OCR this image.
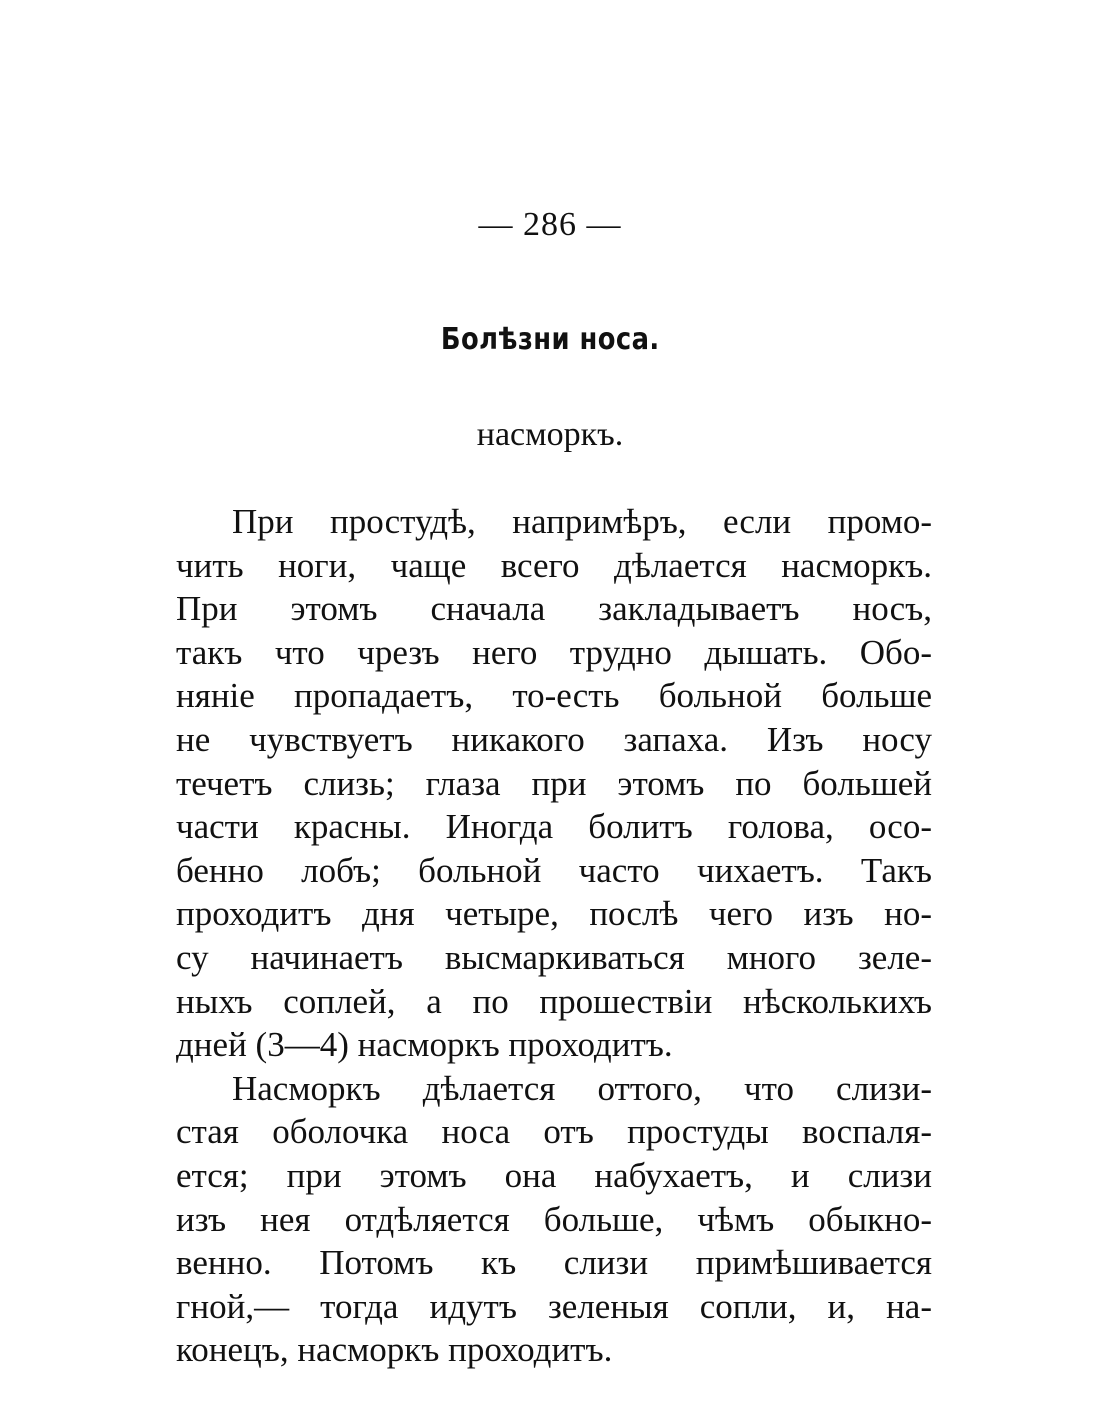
— 286 —
Болѣзни носа.
насморкъ.
При простудѣ, напримѣръ, если промо-
чить ноги, чаще всего дѣлается насморкъ.
При этомъ сначала закладываетъ носъ,
такъ что чрезъ него трудно дышать. Обо-
няніе пропадаетъ, то-есть больной больше
не чувствуетъ никакого запаха. Изъ носу
течетъ слизь; глаза при этомъ по большей
части красны. Иногда болитъ голова, осо-
бенно лобъ; больной часто чихаетъ. Такъ
проходитъ дня четыре, послѣ чего изъ но-
су начинаетъ высмаркиваться много зеле-
ныхъ соплей, а по прошествіи нѣсколькихъ
дней (3—4) насморкъ проходитъ.
Насморкъ дѣлается оттого, что слизи-
стая оболочка носа отъ простуды воспаля-
ется; при этомъ она набухаетъ, и слизи
изъ нея отдѣляется больше, чѣмъ обыкно-
венно. Потомъ къ слизи примѣшивается
гной,— тогда идутъ зеленыя сопли, и, на-
конецъ, насморкъ проходитъ.
